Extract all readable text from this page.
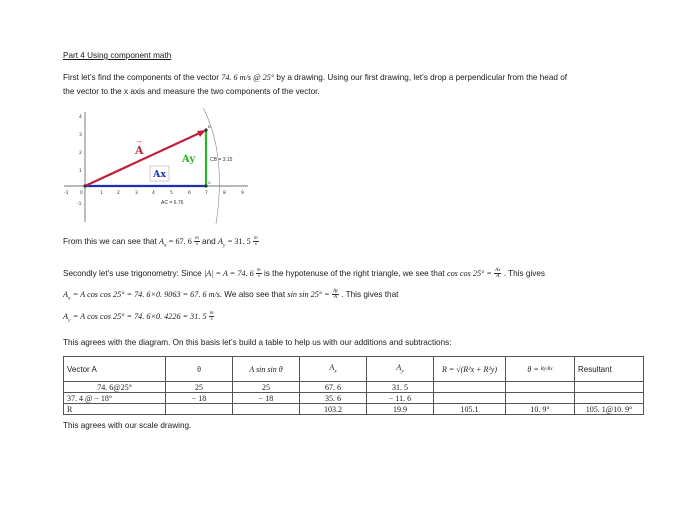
Part 4 Using component math
First let’s find the components of the vector 74. 6 m/s @ 25° by a drawing. Using our first drawing, let’s drop a perpendicular from the head of
the vector to the x axis and measure the two components of the vector.
B
C
-1	0	1	2	3	4	5	6	7	8	9
4
3
2
1
-1
A
→
Ay
Ax
CB = 3.15
AC = 6.76
From this we can see that $A_x = 67$. $6 \frac{m}{s}$ and $A_y = 31$. $5 \frac{m}{s}$
Secondly let’s use trigonometry: Since |A| = A = 74. $6 \frac{m}{s}$ is the hypotenuse of the right triangle, we see that $\cos \cos 25^\circ = \frac{Ax}{A}$ . This gives
$A_x = A$ cos cos 25° = 74. 6×0. 9063 = 67. 6 m/s. We also see that $\sin \sin 25^\circ = \frac{Ay}{A}$ . This gives that
$A_y = A$ cos cos 25° = 74. 6×0. 4226 = 31. $5 \frac{m}{s}$
This agrees with the diagram. On this basis let’s build a table to help us with our additions and subtractions:
Vector A	θ	A sin sin θ	$A_x$	$A_y$	R = √(R²x + R²y)	θ = Ry/Rx	Resultant
74. 6@25°	25	25	67. 6	31. 5			
37. 4 @ − 18°	− 18	− 18	35. 6	− 11. 6			
R			103.2	19.9	105.1	10. 9°	105. 1@10. 9°
This agrees with our scale drawing.
